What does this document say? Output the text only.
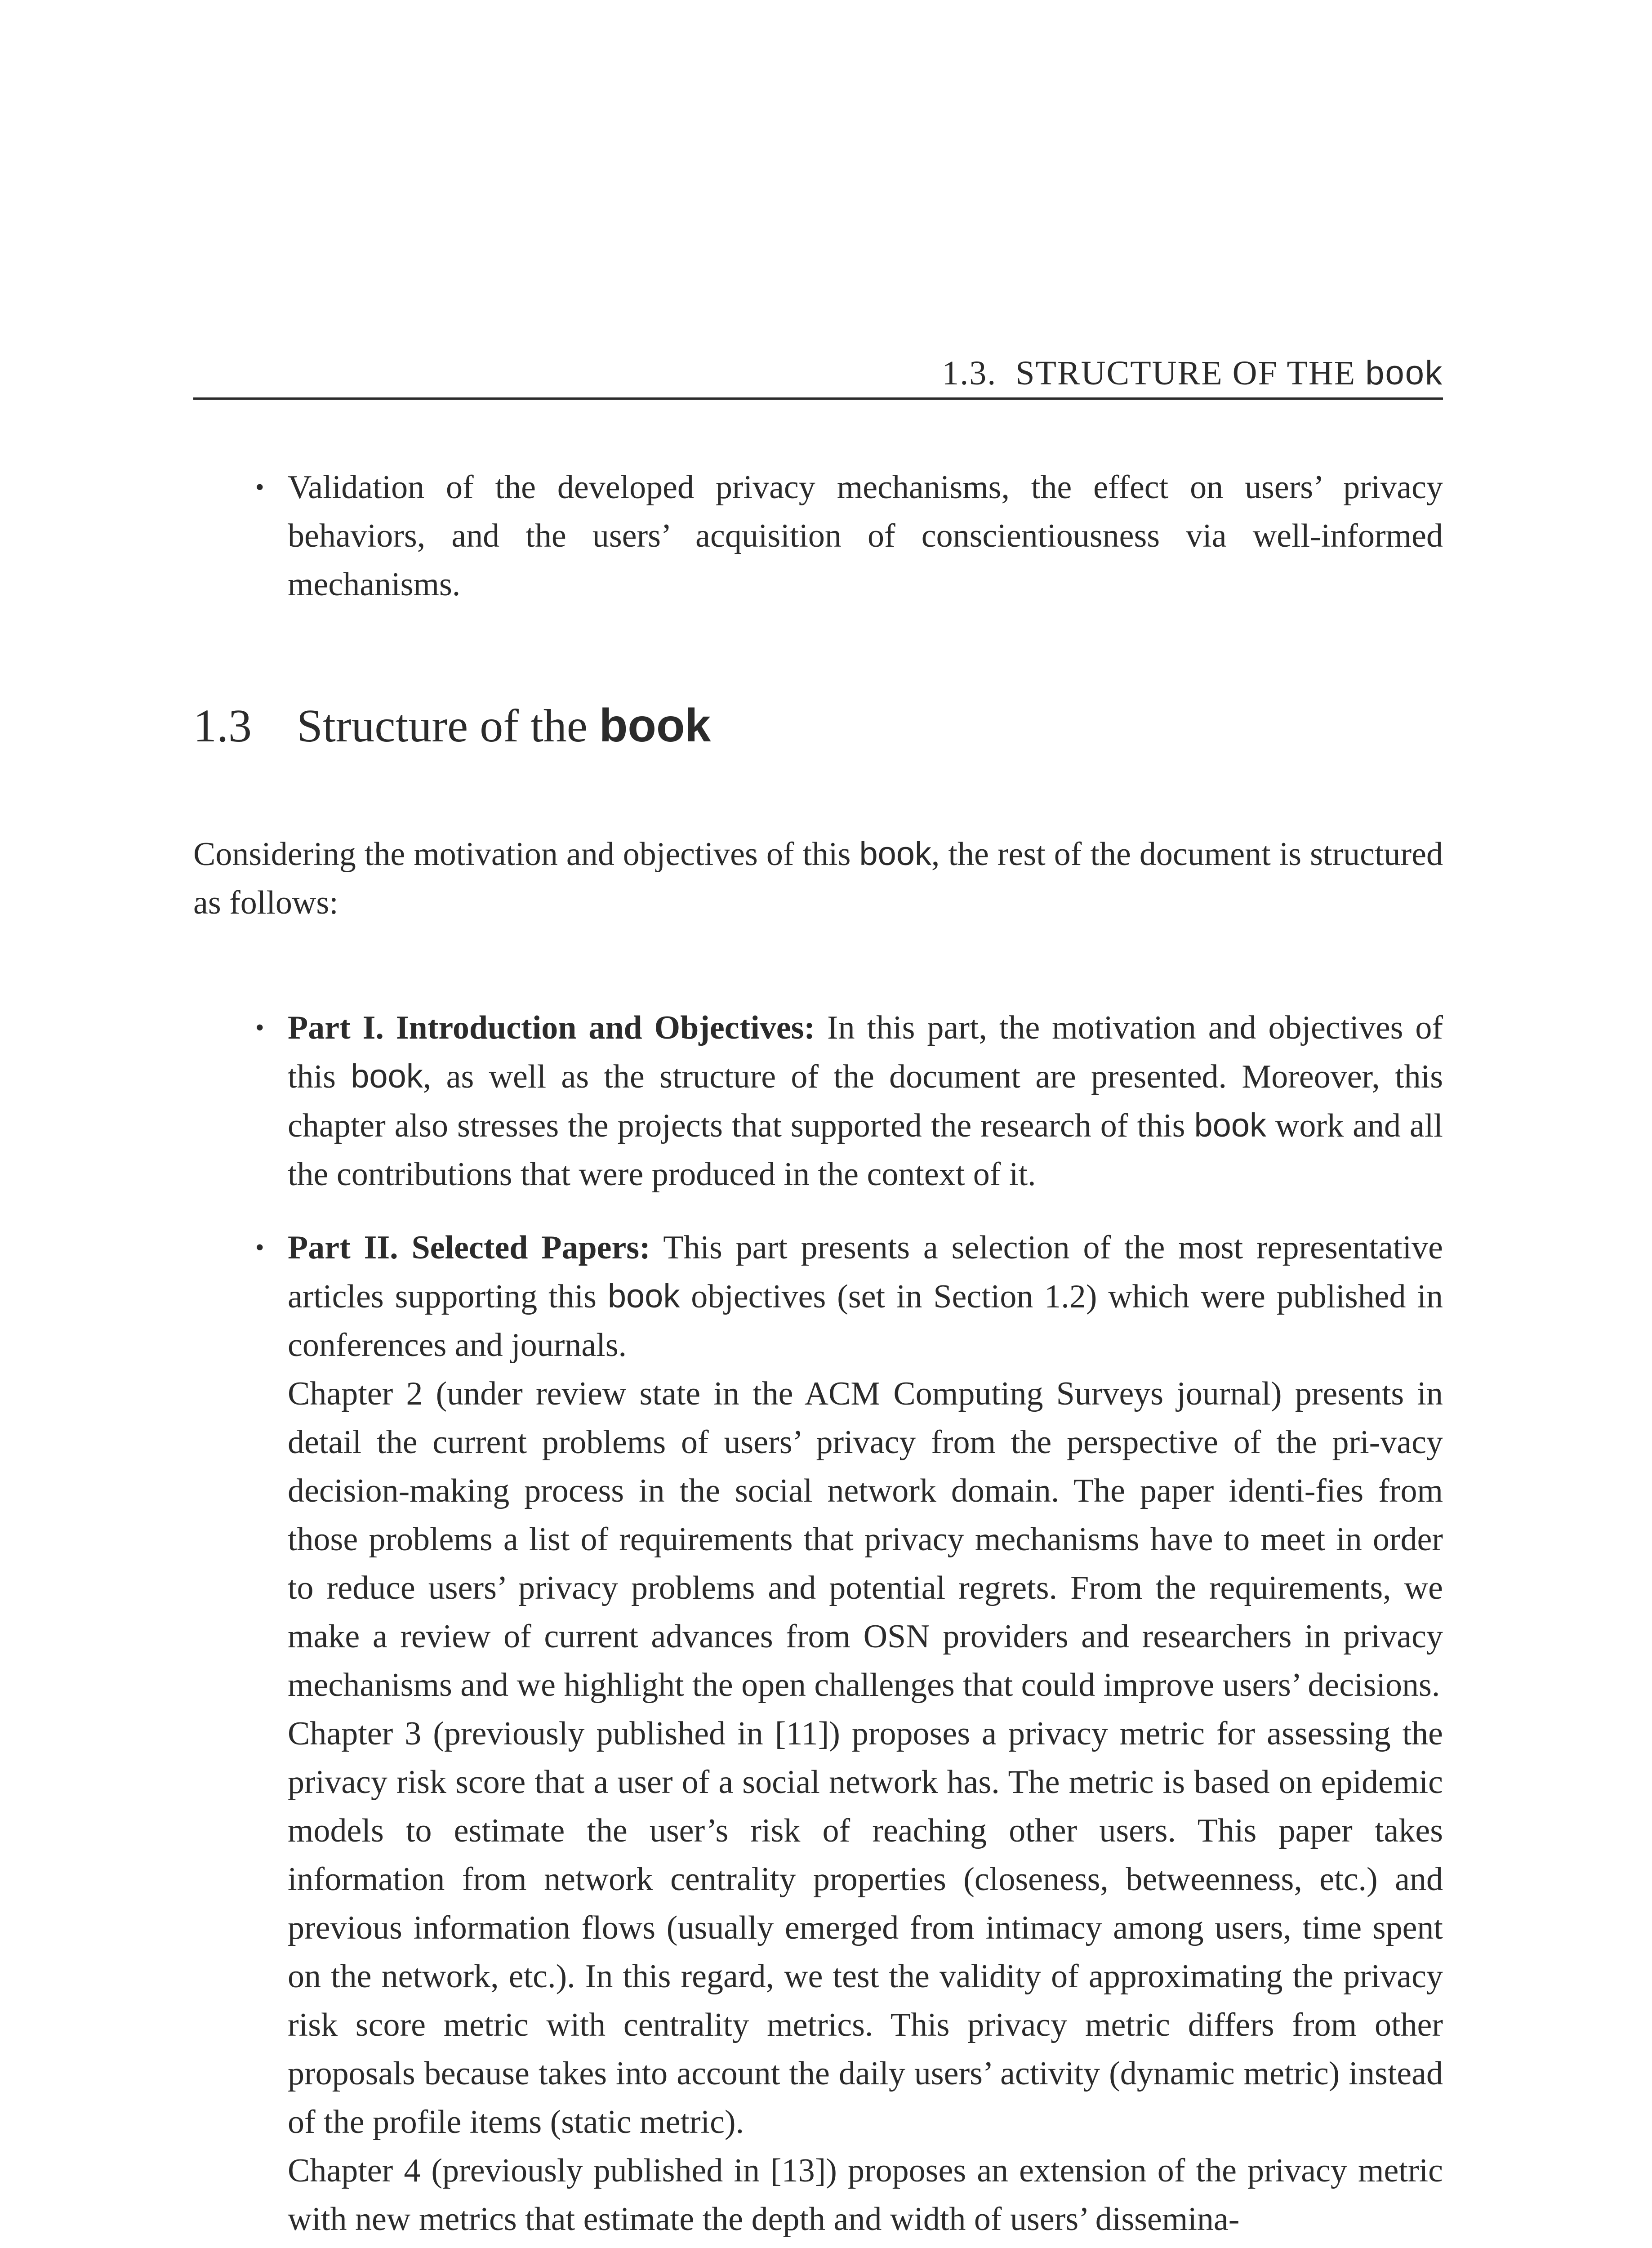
1.3. STRUCTURE OF THE book
• Validation of the developed privacy mechanisms, the effect on users’ privacy behaviors, and the users’ acquisition of conscientiousness via well-informed mechanisms.
1.3 Structure of the book

Considering the motivation and objectives of this book, the rest of the document is structured as follows:

• Part I. Introduction and Objectives: In this part, the motivation and objectives of this book, as well as the structure of the document are presented. Moreover, this chapter also stresses the projects that supported the research of this book work and all the contributions that were produced in the context of it.
• Part II. Selected Papers: This part presents a selection of the most representative articles supporting this book objectives (set in Section 1.2) which were published in conferences and journals.
Chapter 2 (under review state in the ACM Computing Surveys journal) presents in detail the current problems of users’ privacy from the perspective of the pri-vacy decision-making process in the social network domain. The paper identi-fies from those problems a list of requirements that privacy mechanisms have to meet in order to reduce users’ privacy problems and potential regrets. From the requirements, we make a review of current advances from OSN providers and researchers in privacy mechanisms and we highlight the open challenges that could improve users’ decisions.
Chapter 3 (previously published in [11]) proposes a privacy metric for assessing the privacy risk score that a user of a social network has. The metric is based on epidemic models to estimate the user’s risk of reaching other users. This paper takes information from network centrality properties (closeness, betweenness, etc.) and previous information flows (usually emerged from intimacy among users, time spent on the network, etc.). In this regard, we test the validity of approximating the privacy risk score metric with centrality metrics. This privacy metric differs from other proposals because takes into account the daily users’ activity (dynamic metric) instead of the profile items (static metric).
Chapter 4 (previously published in [13]) proposes an extension of the privacy metric with new metrics that estimate the depth and width of users’ dissemina-
